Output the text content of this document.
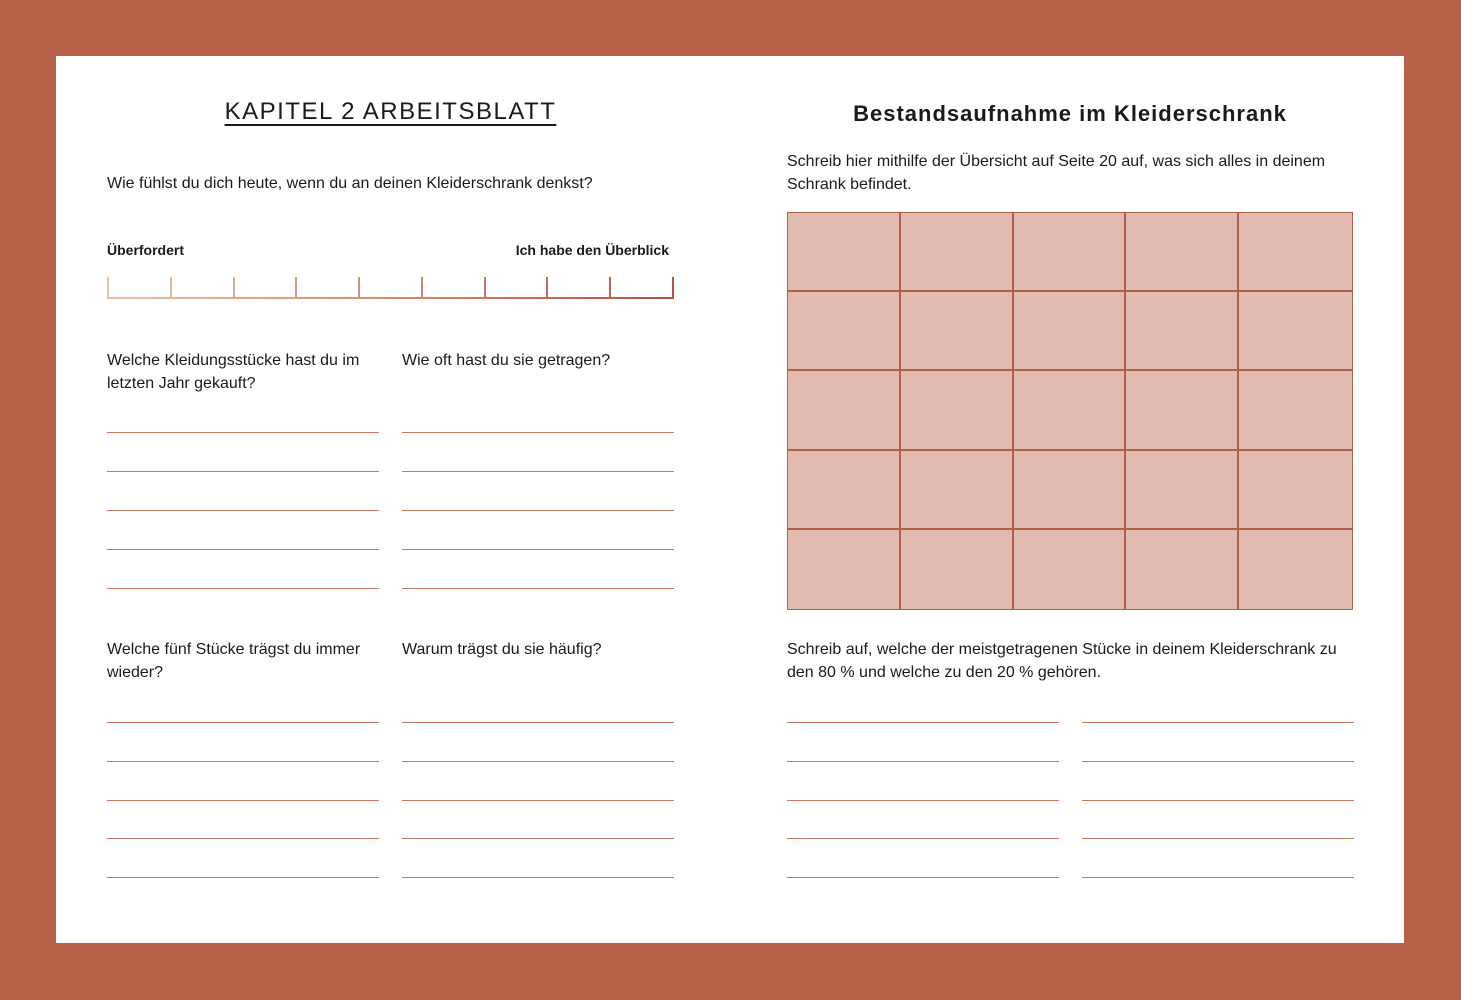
KAPITEL 2 ARBEITSBLATT
Wie fühlst du dich heute, wenn du an deinen Kleiderschrank denkst?
Überfordert	Ich habe den Überblick
Welche Kleidungsstücke hast du im letzten Jahr gekauft?
Wie oft hast du sie getragen?
Welche fünf Stücke trägst du immer wieder?
Warum trägst du sie häufig?
Bestandsaufnahme im Kleiderschrank
Schreib hier mithilfe der Übersicht auf Seite 20 auf, was sich alles in deinem Schrank befindet.
Schreib auf, welche der meistgetragenen Stücke in deinem Kleiderschrank zu den 80 % und welche zu den 20 % gehören.
